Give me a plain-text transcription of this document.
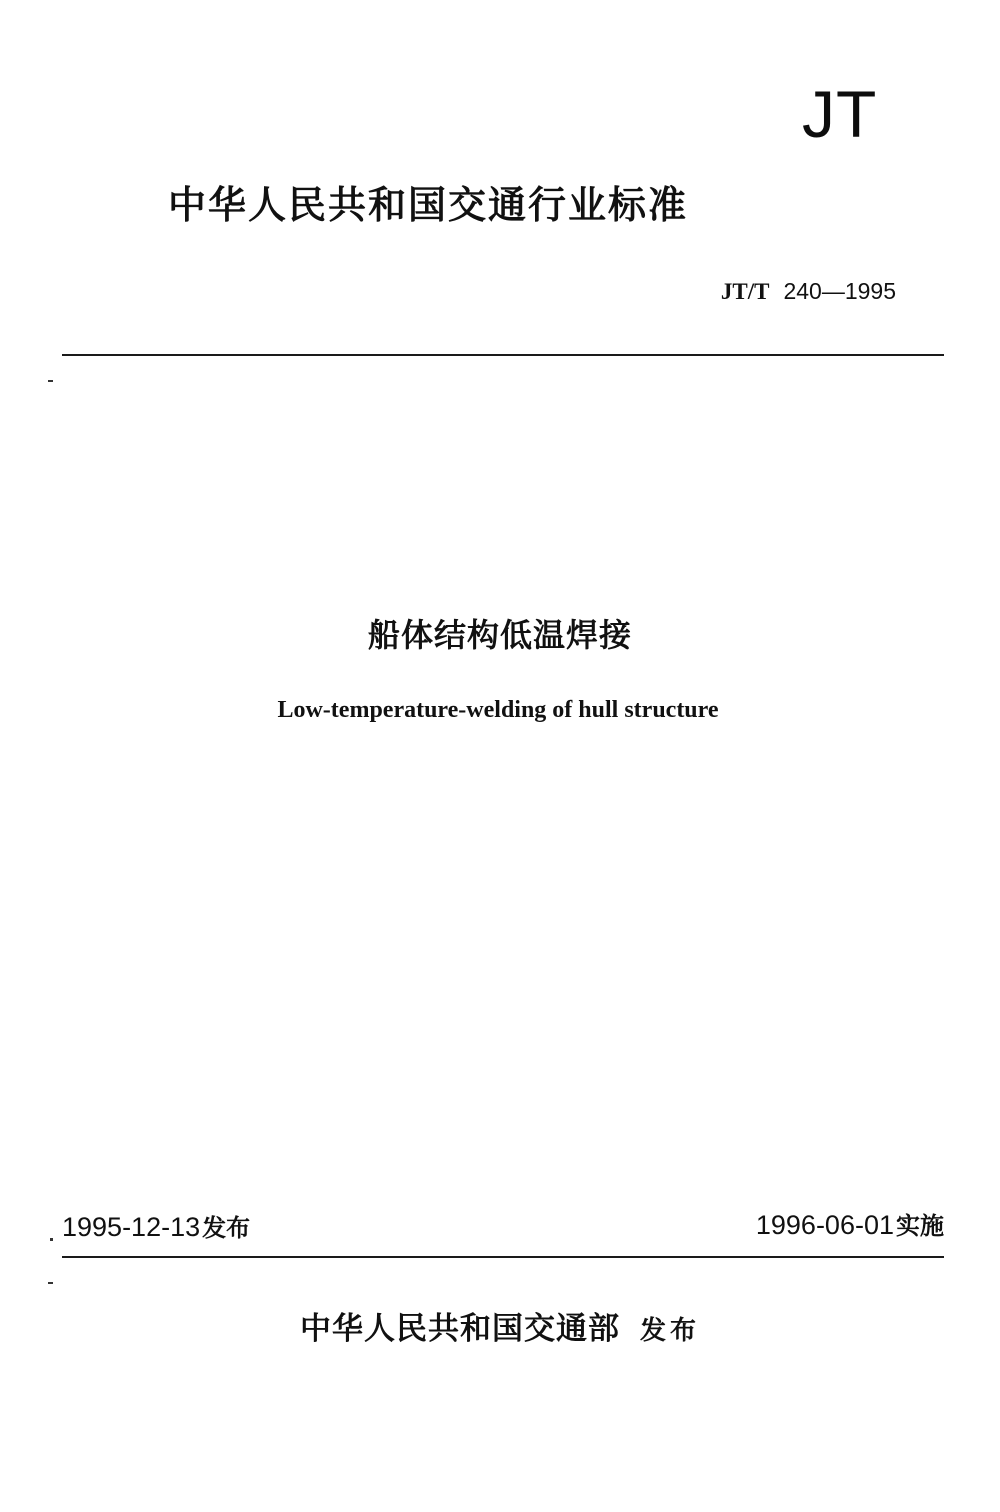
JT
中华人民共和国交通行业标准
JT/T 240—1995
船体结构低温焊接
Low-temperature-welding of hull structure
1995-12-13发布	1996-06-01实施
中华人民共和国交通部 发布
